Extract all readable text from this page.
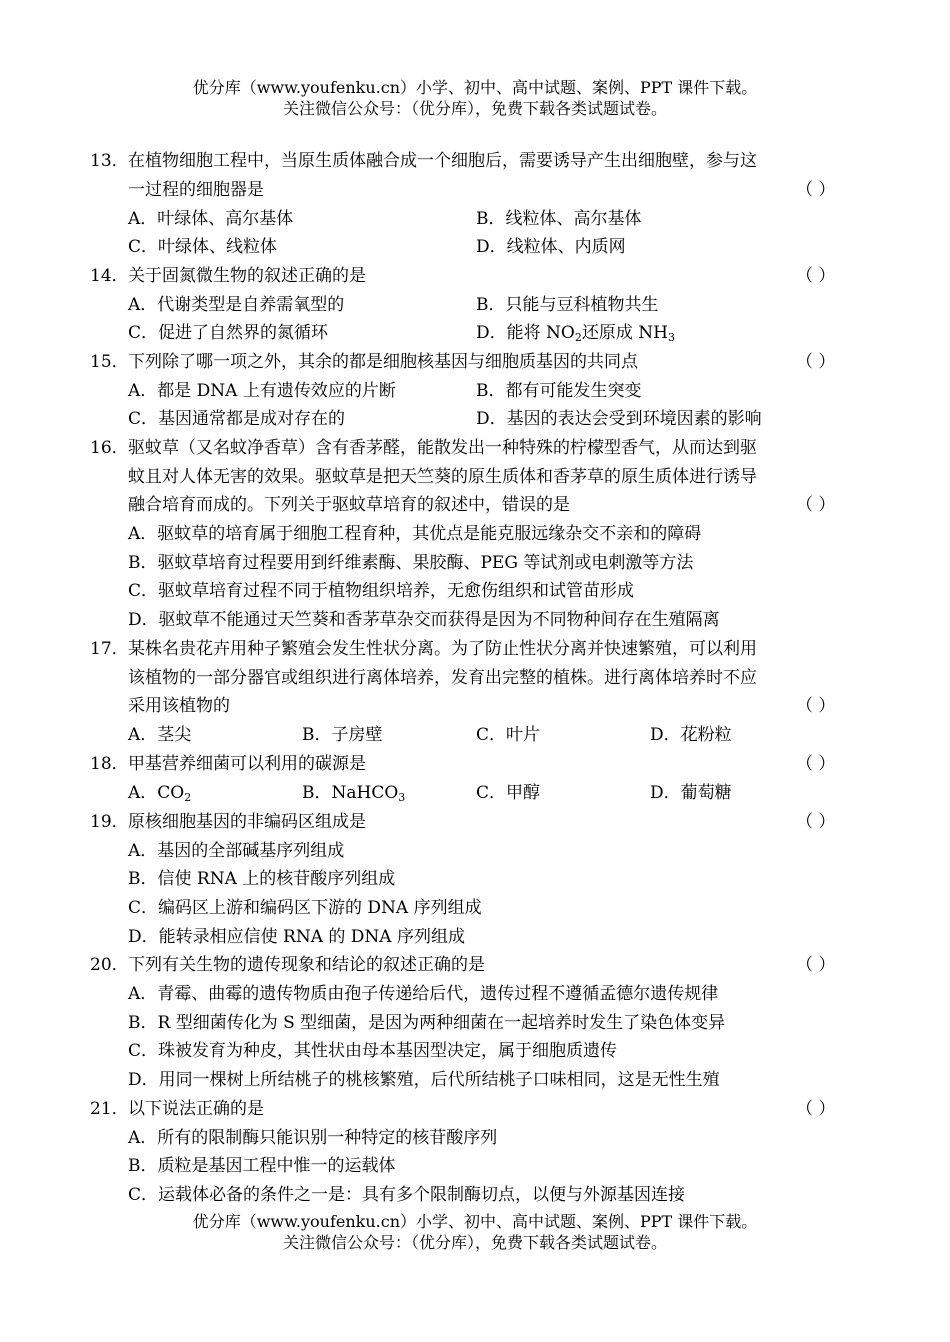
优分库（www.youfenku.cn）小学、初中、高中试题、案例、PPT 课件下载。
关注微信公众号：（优分库），免费下载各类试题试卷。
13．在植物细胞工程中，当原生质体融合成一个细胞后，需要诱导产生出细胞壁，参与这
一过程的细胞器是	（ ）
A．叶绿体、高尔基体	B．线粒体、高尔基体
C．叶绿体、线粒体	D．线粒体、内质网
14．关于固氮微生物的叙述正确的是	（ ）
A．代谢类型是自养需氧型的	B．只能与豆科植物共生
C．促进了自然界的氮循环	D．能将 $NO_2$还原成 $NH_3$
15．下列除了哪一项之外，其余的都是细胞核基因与细胞质基因的共同点	（ ）
A．都是 DNA 上有遗传效应的片断	B．都有可能发生突变
C．基因通常都是成对存在的	D．基因的表达会受到环境因素的影响
16．驱蚊草（又名蚊净香草）含有香茅醛，能散发出一种特殊的柠檬型香气，从而达到驱
蚊且对人体无害的效果。驱蚊草是把天竺葵的原生质体和香茅草的原生质体进行诱导
融合培育而成的。下列关于驱蚊草培育的叙述中，错误的是	（ ）
A．驱蚊草的培育属于细胞工程育种，其优点是能克服远缘杂交不亲和的障碍
B．驱蚊草培育过程要用到纤维素酶、果胶酶、PEG 等试剂或电刺激等方法
C．驱蚊草培育过程不同于植物组织培养，无愈伤组织和试管苗形成
D．驱蚊草不能通过天竺葵和香茅草杂交而获得是因为不同物种间存在生殖隔离
17．某株名贵花卉用种子繁殖会发生性状分离。为了防止性状分离并快速繁殖，可以利用
该植物的一部分器官或组织进行离体培养，发育出完整的植株。进行离体培养时不应
采用该植物的	（ ）
A．茎尖	B．子房壁	C．叶片	D．花粉粒
18．甲基营养细菌可以利用的碳源是	（ ）
A．$CO_2$	B．NaHCO$_3$	C．甲醇	D．葡萄糖
19．原核细胞基因的非编码区组成是	（ ）
A．基因的全部碱基序列组成
B．信使 RNA 上的核苷酸序列组成
C．编码区上游和编码区下游的 DNA 序列组成
D．能转录相应信使 RNA 的 DNA 序列组成
20．下列有关生物的遗传现象和结论的叙述正确的是	（ ）
A．青霉、曲霉的遗传物质由孢子传递给后代，遗传过程不遵循孟德尔遗传规律
B．R 型细菌传化为 S 型细菌，是因为两种细菌在一起培养时发生了染色体变异
C．珠被发育为种皮，其性状由母本基因型决定，属于细胞质遗传
D．用同一棵树上所结桃子的桃核繁殖，后代所结桃子口味相同，这是无性生殖
21．以下说法正确的是	（ ）
A．所有的限制酶只能识别一种特定的核苷酸序列
B．质粒是基因工程中惟一的运载体
C．运载体必备的条件之一是：具有多个限制酶切点，以便与外源基因连接
优分库（www.youfenku.cn）小学、初中、高中试题、案例、PPT 课件下载。
关注微信公众号：（优分库），免费下载各类试题试卷。
